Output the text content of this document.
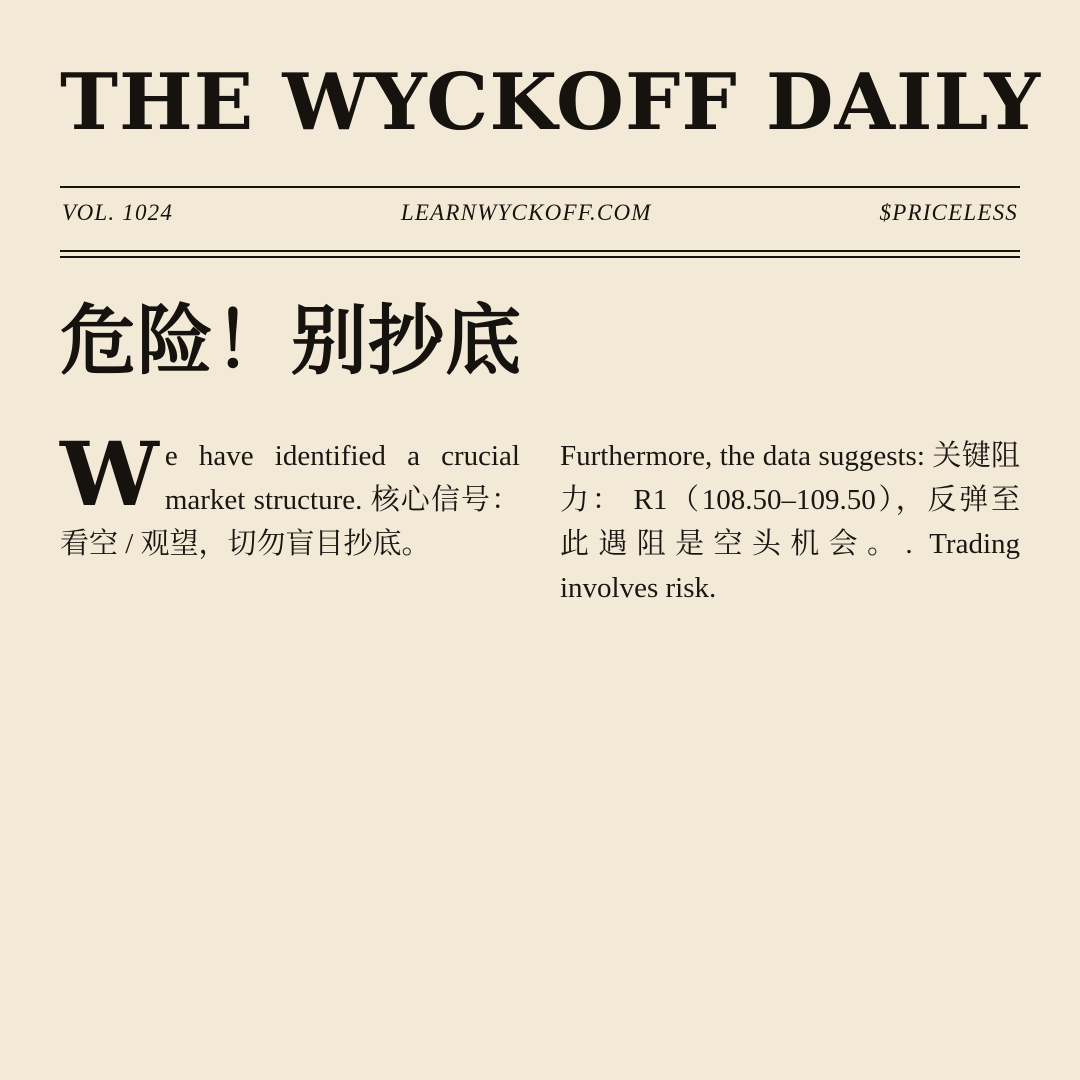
THE WYCKOFF DAILY
VOL. 1024	LEARNWYCKOFF.COM	$PRICELESS
危险！别抄底

We have identified a crucial market structure. 核心信号：看空 / 观望，切勿盲目抄底。

Furthermore, the data suggests: 关键阻力： R1（108.50–109.50），反弹至此遇阻是空头机会。. Trading involves risk.
